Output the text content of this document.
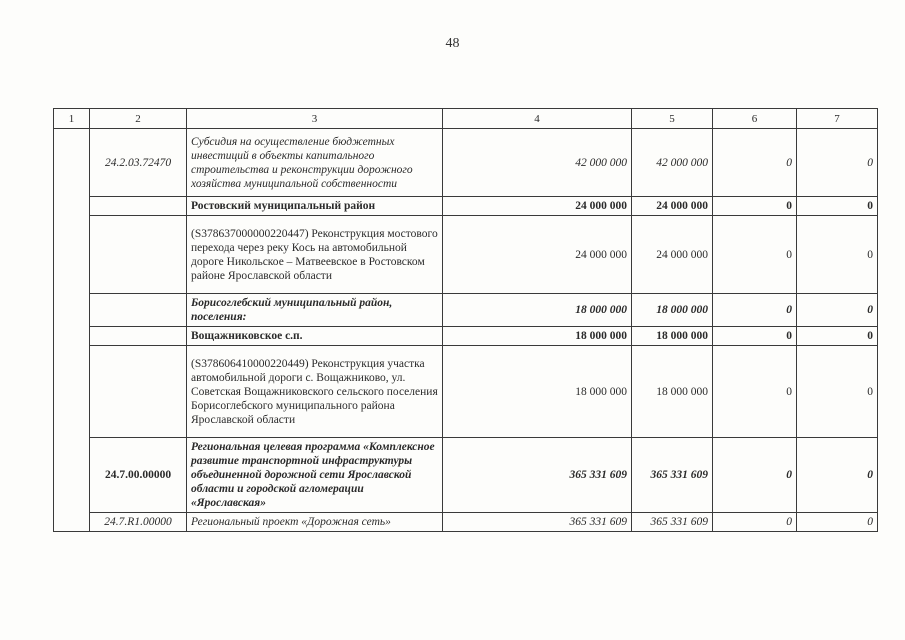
48
1	2	3	4	5	6	7
	24.2.03.72470	Субсидия на осуществление бюджетных инвестиций в объекты капитального строительства и реконструкции дорожного хозяйства муниципальной собственности	42 000 000	42 000 000	0	0
		Ростовский муниципальный район	24 000 000	24 000 000	0	0
		(S378637000000220447) Реконструкция мостового перехода через реку Кось на автомобильной дороге Никольское – Матвеевское в Ростовском районе Ярославской области	24 000 000	24 000 000	0	0
		Борисоглебский муниципальный район, поселения:	18 000 000	18 000 000	0	0
		Вощажниковское с.п.	18 000 000	18 000 000	0	0
		(S378606410000220449) Реконструкция участка автомобильной дороги с. Вощажниково, ул. Советская Вощажниковского сельского поселения Борисоглебского муниципального района Ярославской области	18 000 000	18 000 000	0	0
	24.7.00.00000	Региональная целевая программа «Комплексное развитие транспортной инфраструктуры объединенной дорожной сети Ярославской области и городской агломерации «Ярославская»	365 331 609	365 331 609	0	0
	24.7.R1.00000	Региональный проект «Дорожная сеть»	365 331 609	365 331 609	0	0
